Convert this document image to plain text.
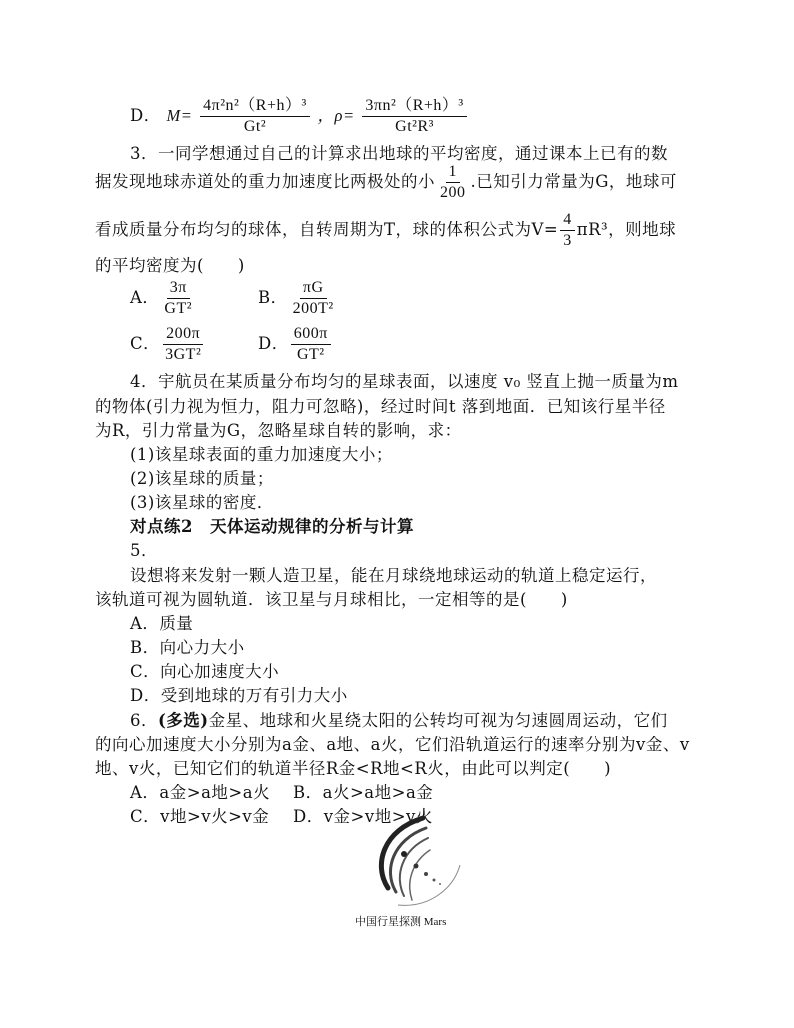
D． $M= \frac{\text{4π²n²（R+h）³}}{\text{Gt²}}$ ，$\rho= \frac{\text{3πn²（R+h）³}}{\text{Gt²R³}}$
3．一同学想通过自己的计算求出地球的平均密度，通过课本上已有的数
据发现地球赤道处的重力加速度比两极处的小 $\frac{1}{200}$ .已知引力常量为G，地球可
看成质量分布均匀的球体，自转周期为T，球的体积公式为$V= \frac{4}{3} \pi R^3$，则地球
的平均密度为(　　)
A． $\frac{3\pi}{\text{GT²}}$	B． $\frac{\pi G}{\text{200T²}}$
C． $\frac{200\pi}{\text{3GT²}}$	D． $\frac{600\pi}{\text{GT²}}$
4．宇航员在某质量分布均匀的星球表面，以速度 v₀ 竖直上抛一质量为m
的物体(引力视为恒力，阻力可忽略)，经过时间t 落到地面．已知该行星半径
为R，引力常量为G，忽略星球自转的影响，求：
(1)该星球表面的重力加速度大小；
(2)该星球的质量；
(3)该星球的密度．
对点练2　天体运动规律的分析与计算
5．
设想将来发射一颗人造卫星，能在月球绕地球运动的轨道上稳定运行，
该轨道可视为圆轨道．该卫星与月球相比，一定相等的是(　　)
A．质量
B．向心力大小
C．向心加速度大小
D．受到地球的万有引力大小
6．(多选)金星、地球和火星绕太阳的公转均可视为匀速圆周运动，它们
的向心加速度大小分别为a金、a地、a火，它们沿轨道运行的速率分别为v金、v
地、v火，已知它们的轨道半径R金<R地<R火，由此可以判定(　　)
A．a金>a地>a火 B．a火>a地>a金
C．v地>v火>v金 D．v金>v地>v火
中国行星探测 Mars
